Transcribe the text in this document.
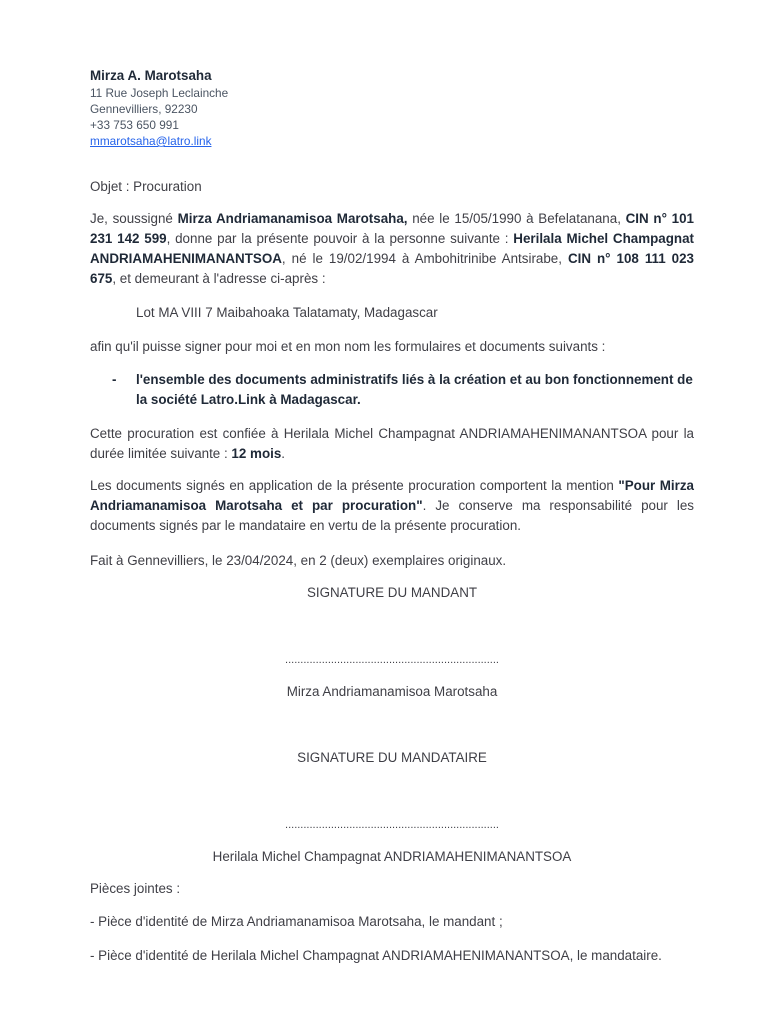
Mirza A. Marotsaha
11 Rue Joseph Leclainche
Gennevilliers, 92230
+33 753 650 991
mmarotsaha@latro.link
Objet : Procuration
Je, soussigné Mirza Andriamanamisoa Marotsaha, née le 15/05/1990 à Befelatanana, CIN n° 101 231 142 599, donne par la présente pouvoir à la personne suivante : Herilala Michel Champagnat ANDRIAMAHENIMANANTSOA, né le 19/02/1994 à Ambohitrinibe Antsirabe, CIN n° 108 111 023 675, et demeurant à l'adresse ci-après :
Lot MA VIII 7 Maibahoaka Talatamaty, Madagascar
afin qu'il puisse signer pour moi et en mon nom les formulaires et documents suivants :
- l'ensemble des documents administratifs liés à la création et au bon fonctionnement de la société Latro.Link à Madagascar.
Cette procuration est confiée à Herilala Michel Champagnat ANDRIAMAHENIMANANTSOA pour la durée limitée suivante : 12 mois.
Les documents signés en application de la présente procuration comportent la mention "Pour Mirza Andriamanamisoa Marotsaha et par procuration". Je conserve ma responsabilité pour les documents signés par le mandataire en vertu de la présente procuration.
Fait à Gennevilliers, le 23/04/2024, en 2 (deux) exemplaires originaux.
SIGNATURE DU MANDANT
......................................................................
Mirza Andriamanamisoa Marotsaha
SIGNATURE DU MANDATAIRE
......................................................................
Herilala Michel Champagnat ANDRIAMAHENIMANANTSOA
Pièces jointes :
- Pièce d'identité de Mirza Andriamanamisoa Marotsaha, le mandant ;
- Pièce d'identité de Herilala Michel Champagnat ANDRIAMAHENIMANANTSOA, le mandataire.
